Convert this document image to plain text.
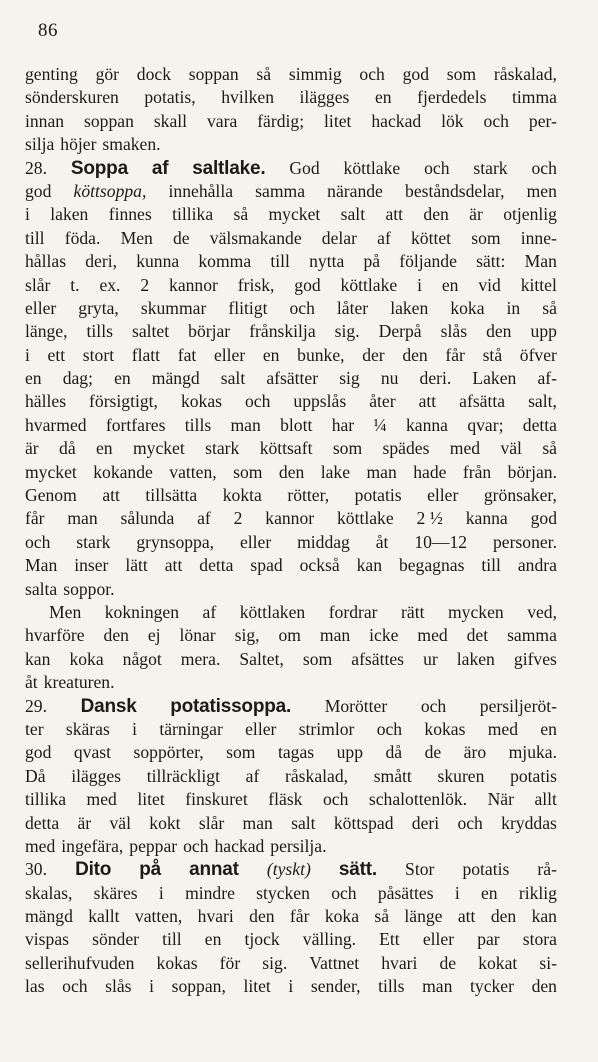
86
genting gör dock soppan så simmig och god som råskalad,
sönderskuren potatis, hvilken ilägges en fjerdedels timma
innan soppan skall vara färdig; litet hackad lök och per-
silja höjer smaken.
28. Soppa af saltlake. God köttlake och stark och
god köttsoppa, innehålla samma närande beståndsdelar, men
i laken finnes tillika så mycket salt att den är otjenlig
till föda. Men de välsmakande delar af köttet som inne-
hållas deri, kunna komma till nytta på följande sätt: Man
slår t. ex. 2 kannor frisk, god köttlake i en vid kittel
eller gryta, skummar flitigt och låter laken koka in så
länge, tills saltet börjar frånskilja sig. Derpå slås den upp
i ett stort flatt fat eller en bunke, der den får stå öfver
en dag; en mängd salt afsätter sig nu deri. Laken af-
hälles försigtigt, kokas och uppslås åter att afsätta salt,
hvarmed fortfares tills man blott har ¼ kanna qvar; detta
är då en mycket stark köttsaft som spädes med väl så
mycket kokande vatten, som den lake man hade från början.
Genom att tillsätta kokta rötter, potatis eller grönsaker,
får man sålunda af 2 kannor köttlake 2 ½ kanna god
och stark grynsoppa, eller middag åt 10—12 personer.
Man inser lätt att detta spad också kan begagnas till andra
salta soppor.
Men kokningen af köttlaken fordrar rätt mycken ved,
hvarföre den ej lönar sig, om man icke med det samma
kan koka något mera. Saltet, som afsättes ur laken gifves
åt kreaturen.
29. Dansk potatissoppa. Morötter och persiljeröt-
ter skäras i tärningar eller strimlor och kokas med en
god qvast soppörter, som tagas upp då de äro mjuka.
Då ilägges tillräckligt af råskalad, smått skuren potatis
tillika med litet finskuret fläsk och schalottenlök. När allt
detta är väl kokt slår man salt köttspad deri och kryddas
med ingefära, peppar och hackad persilja.
30. Dito på annat (tyskt) sätt. Stor potatis rå-
skalas, skäres i mindre stycken och påsättes i en riklig
mängd kallt vatten, hvari den får koka så länge att den kan
vispas sönder till en tjock välling. Ett eller par stora
sellerihufvuden kokas för sig. Vattnet hvari de kokat si-
las och slås i soppan, litet i sender, tills man tycker den
